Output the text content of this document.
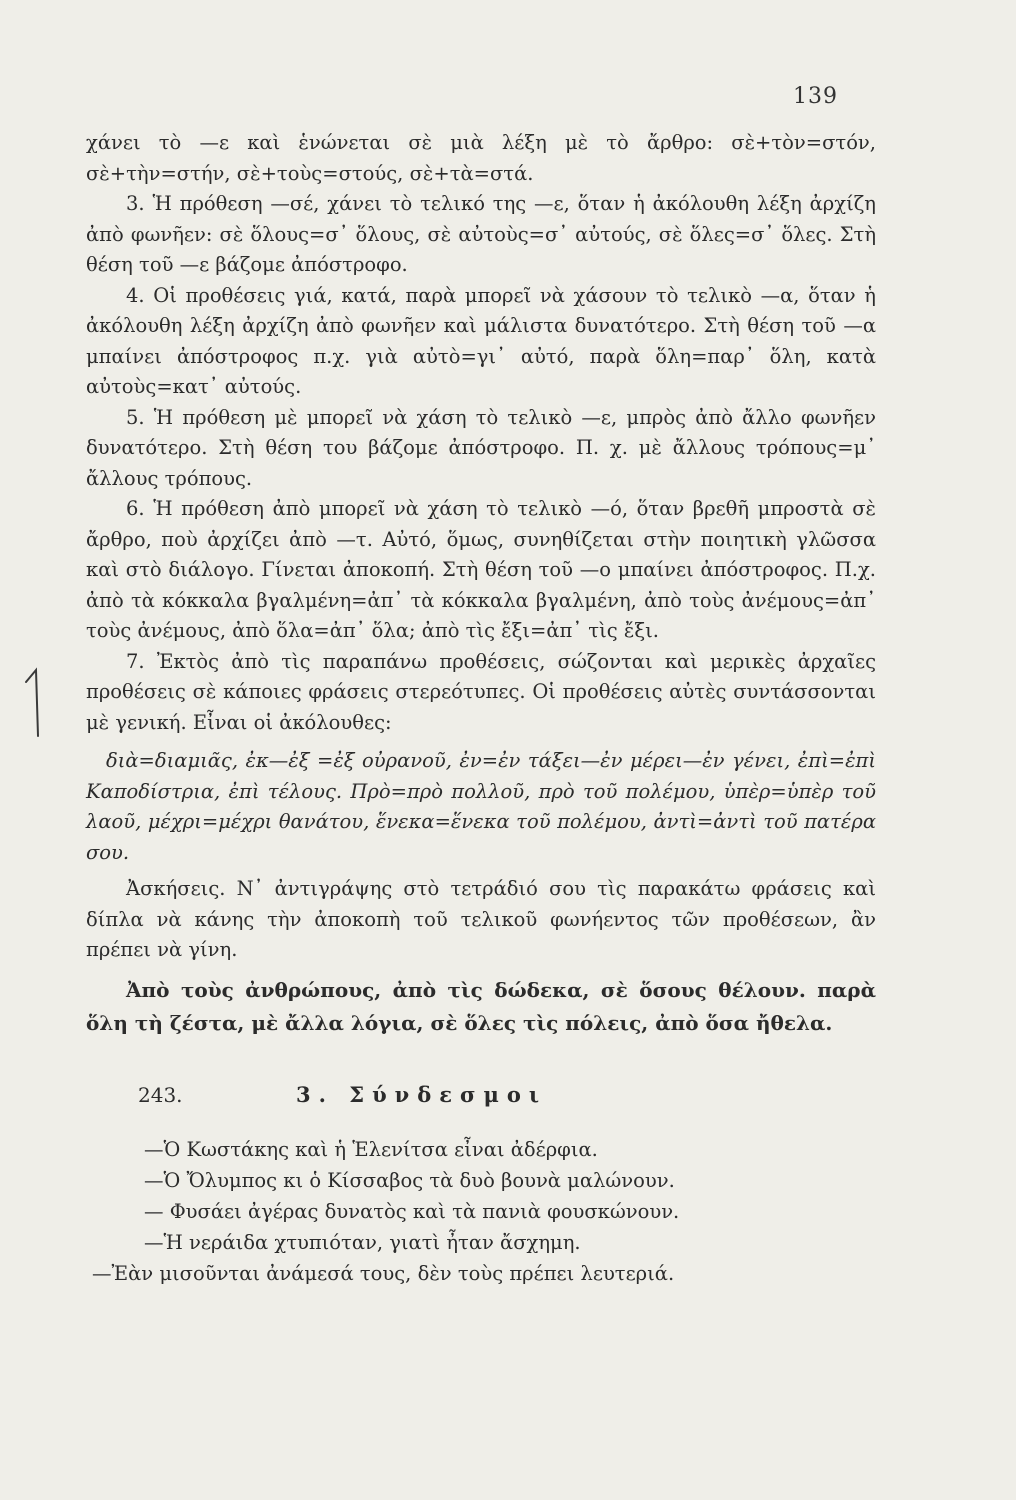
139

χάνει τὸ —ε καὶ ἑνώνεται σὲ μιὰ λέξη μὲ τὸ ἄρθρο: σὲ+τὸν=στόν, σὲ+τὴν=στήν, σὲ+τοὺς=στούς, σὲ+τὰ=στά.

3. Ἡ πρόθεση —σέ, χάνει τὸ τελικό της —ε, ὅταν ἡ ἀκόλουθη λέξη ἀρχίζη ἀπὸ φωνῆεν: σὲ ὅλους=σ᾽ ὅλους, σὲ αὐτοὺς=σ᾽ αὐτούς, σὲ ὅλες=σ᾽ ὅλες. Στὴ θέση τοῦ —ε βάζομε ἀπόστροφο.

4. Οἱ προθέσεις γιά, κατά, παρὰ μπορεῖ νὰ χάσουν τὸ τελικὸ —α, ὅταν ἡ ἀκόλουθη λέξη ἀρχίζη ἀπὸ φωνῆεν καὶ μάλιστα δυνατότερο. Στὴ θέση τοῦ —α μπαίνει ἀπόστροφος π.χ. γιὰ αὐτὸ=γι᾽ αὐτό, παρὰ ὅλη=παρ᾽ ὅλη, κατὰ αὐτοὺς=κατ᾽ αὐτούς.

5. Ἡ πρόθεση μὲ μπορεῖ νὰ χάση τὸ τελικὸ —ε, μπρὸς ἀπὸ ἄλλο φωνῆεν δυνατότερο. Στὴ θέση του βάζομε ἀπόστροφο. Π. χ. μὲ ἄλλους τρόπους=μ᾽ ἄλλους τρόπους.

6. Ἡ πρόθεση ἀπὸ μπορεῖ νὰ χάση τὸ τελικὸ —ό, ὅταν βρεθῆ μπροστὰ σὲ ἄρθρο, ποὺ ἀρχίζει ἀπὸ —τ. Αὐτό, ὅμως, συνηθίζεται στὴν ποιητικὴ γλῶσσα καὶ στὸ διάλογο. Γίνεται ἀποκοπή. Στὴ θέση τοῦ —ο μπαίνει ἀπόστροφος. Π.χ. ἀπὸ τὰ κόκκαλα βγαλμένη=ἀπ᾽ τὰ κόκκαλα βγαλμένη, ἀπὸ τοὺς ἀνέμους=ἀπ᾽ τοὺς ἀνέμους, ἀπὸ ὅλα=ἀπ᾽ ὅλα; ἀπὸ τὶς ἔξι=ἀπ᾽ τὶς ἔξι.

7. Ἐκτὸς ἀπὸ τὶς παραπάνω προθέσεις, σώζονται καὶ μερικὲς ἀρχαῖες προθέσεις σὲ κάποιες φράσεις στερεότυπες. Οἱ προθέσεις αὐτὲς συντάσσονται μὲ γενική. Εἶναι οἱ ἀκόλουθες:

διὰ=διαμιᾶς, ἐκ—ἐξ =ἐξ οὐρανοῦ, ἐν=ἐν τάξει—ἐν μέρει—ἐν γένει, ἐπὶ=ἐπὶ Καποδίστρια, ἐπὶ τέλους. Πρὸ=πρὸ πολλοῦ, πρὸ τοῦ πολέμου, ὑπὲρ=ὑπὲρ τοῦ λαοῦ, μέχρι=μέχρι θανάτου, ἕνεκα=ἕνεκα τοῦ πολέμου, ἀντὶ=ἀντὶ τοῦ πατέρα σου.

Ἀσκήσεις. Ν᾽ ἀντιγράψης στὸ τετράδιό σου τὶς παρακάτω φράσεις καὶ δίπλα νὰ κάνης τὴν ἀποκοπὴ τοῦ τελικοῦ φωνήεντος τῶν προθέσεων, ἂν πρέπει νὰ γίνη.

Ἀπὸ τοὺς ἀνθρώπους, ἀπὸ τὶς δώδεκα, σὲ ὅσους θέλουν. παρὰ ὅλη τὴ ζέστα, μὲ ἄλλα λόγια, σὲ ὅλες τὶς πόλεις, ἀπὸ ὅσα ἤθελα.

243.	3. Σύνδεσμοι

—Ὁ Κωστάκης καὶ ἡ Ἑλενίτσα εἶναι ἀδέρφια.

—Ὁ Ὄλυμπος κι ὁ Κίσσαβος τὰ δυὸ βουνὰ μαλώνουν.

— Φυσάει ἀγέρας δυνατὸς καὶ τὰ πανιὰ φουσκώνουν.

—Ἡ νεράιδα χτυπιόταν, γιατὶ ἦταν ἄσχημη.

—Ἐὰν μισοῦνται ἀνάμεσά τους, δὲν τοὺς πρέπει λευτεριά.
